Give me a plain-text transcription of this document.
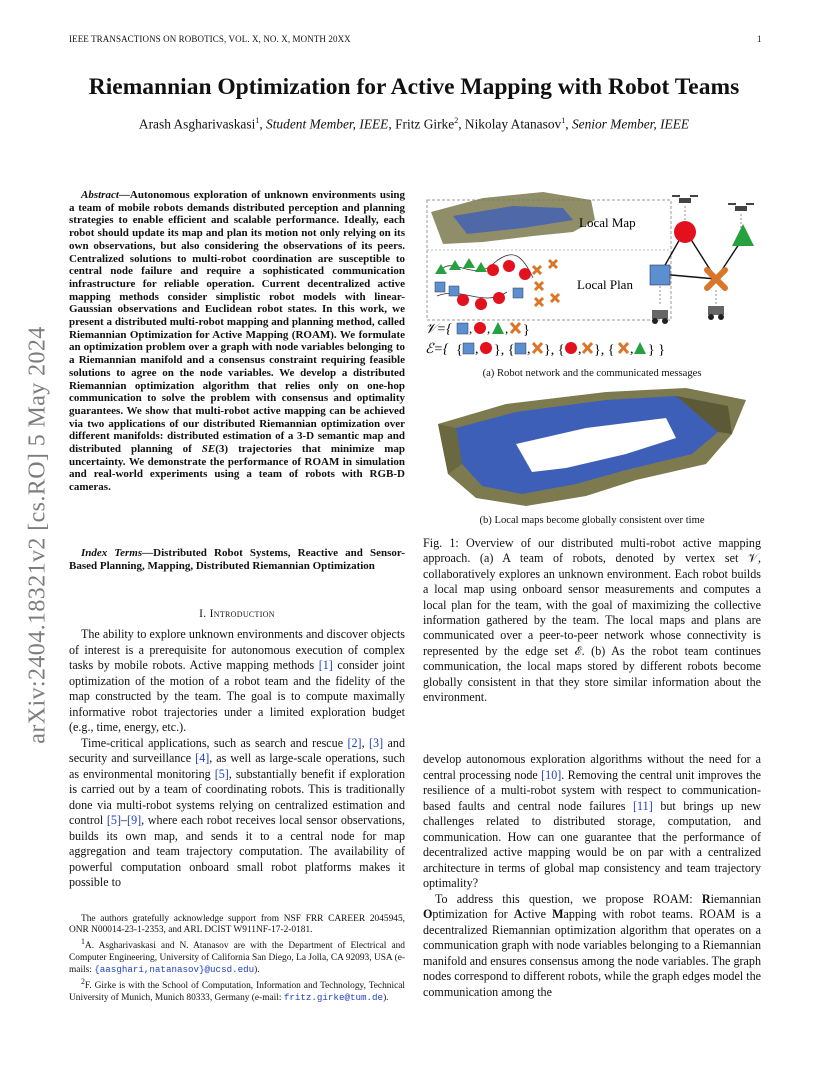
IEEE TRANSACTIONS ON ROBOTICS, VOL. X, NO. X, MONTH 20XX	1
Riemannian Optimization for Active Mapping with Robot Teams
Arash Asgharivaskasi$^1$, Student Member, IEEE, Fritz Girke$^2$, Nikolay Atanasov$^1$, Senior Member, IEEE
arXiv:2404.18321v2 [cs.RO] 5 May 2024
Abstract—Autonomous exploration of unknown environments using a team of mobile robots demands distributed perception and planning strategies to enable efficient and scalable performance. Ideally, each robot should update its map and plan its motion not only relying on its own observations, but also considering the observations of its peers. Centralized solutions to multi-robot coordination are susceptible to central node failure and require a sophisticated communication infrastructure for reliable operation. Current decentralized active mapping methods consider simplistic robot models with linear-Gaussian observations and Euclidean robot states. In this work, we present a distributed multi-robot mapping and planning method, called Riemannian Optimization for Active Mapping (ROAM). We formulate an optimization problem over a graph with node variables belonging to a Riemannian manifold and a consensus constraint requiring feasible solutions to agree on the node variables. We develop a distributed Riemannian optimization algorithm that relies only on one-hop communication to solve the problem with consensus and optimality guarantees. We show that multi-robot active mapping can be achieved via two applications of our distributed Riemannian optimization over different manifolds: distributed estimation of a 3-D semantic map and distributed planning of SE(3) trajectories that minimize map uncertainty. We demonstrate the performance of ROAM in simulation and real-world experiments using a team of robots with RGB-D cameras.
Index Terms—Distributed Robot Systems, Reactive and Sensor-Based Planning, Mapping, Distributed Riemannian Optimization
I. Introduction

The ability to explore unknown environments and discover objects of interest is a prerequisite for autonomous execution of complex tasks by mobile robots. Active mapping methods [1] consider joint optimization of the motion of a robot team and the fidelity of the map constructed by the team. The goal is to compute maximally informative robot trajectories under a limited exploration budget (e.g., time, energy, etc.).

Time-critical applications, such as search and rescue [2], [3] and security and surveillance [4], as well as large-scale operations, such as environmental monitoring [5], substantially benefit if exploration is carried out by a team of coordinating robots. This is traditionally done via multi-robot systems relying on centralized estimation and control [5]–[9], where each robot receives local sensor observations, builds its own map, and sends it to a central node for map aggregation and team trajectory computation. The availability of powerful computation onboard small robot platforms makes it possible to

The authors gratefully acknowledge support from NSF FRR CAREER 2045945, ONR N00014-23-1-2353, and ARL DCIST W911NF-17-2-0181.

$^1$A. Asgharivaskasi and N. Atanasov are with the Department of Electrical and Computer Engineering, University of California San Diego, La Jolla, CA 92093, USA (e-mails: {aasghari,natanasov}@ucsd.edu).

$^2$F. Girke is with the School of Computation, Information and Technology, Technical University of Munich, Munich 80333, Germany (e-mail: fritz.girke@tum.de).

Local Map
Local Plan
𝒱={ , , , }
ℰ={ { , }, { , }, { , }, { , } }
(a) Robot network and the communicated messages
(b) Local maps become globally consistent over time
Fig. 1: Overview of our distributed multi-robot active mapping approach. (a) A team of robots, denoted by vertex set 𝒱, collaboratively explores an unknown environment. Each robot builds a local map using onboard sensor measurements and computes a local plan for the team, with the goal of maximizing the collective information gathered by the team. The local maps and plans are communicated over a peer-to-peer network whose connectivity is represented by the edge set ℰ. (b) As the robot team continues communication, the local maps stored by different robots become globally consistent in that they store similar information about the environment.

develop autonomous exploration algorithms without the need for a central processing node [10]. Removing the central unit improves the resilience of a multi-robot system with respect to communication-based faults and central node failures [11] but brings up new challenges related to distributed storage, computation, and communication. How can one guarantee that the performance of decentralized active mapping would be on par with a centralized architecture in terms of global map consistency and team trajectory optimality?

To address this question, we propose ROAM: Riemannian Optimization for Active Mapping with robot teams. ROAM is a decentralized Riemannian optimization algorithm that operates on a communication graph with node variables belonging to a Riemannian manifold and ensures consensus among the node variables. The graph nodes correspond to different robots, while the graph edges model the communication among the
